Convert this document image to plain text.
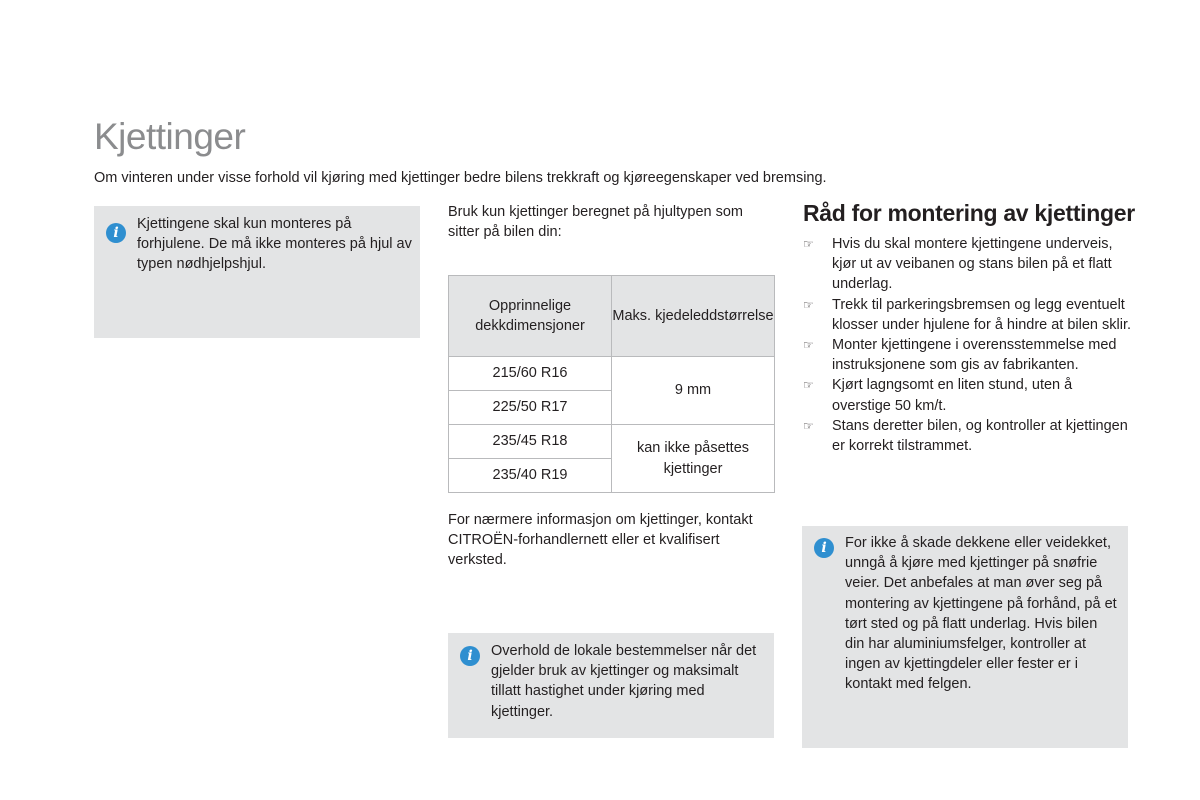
Kjettinger
Om vinteren under visse forhold vil kjøring med kjettinger bedre bilens trekkraft og kjøreegenskaper ved bremsing.
i
Kjettingene skal kun monteres på forhjulene. De må ikke monteres på hjul av typen nødhjelpshjul.
Bruk kun kjettinger beregnet på hjultypen som sitter på bilen din:
Opprinnelige dekkdimensjoner	Maks. kjedeleddstørrelse
215/60 R16	9 mm
225/50 R17	
235/45 R18	kan ikke påsettes kjettinger
235/40 R19	
For nærmere informasjon om kjettinger, kontakt CITROËN-forhandlernett eller et kvalifisert verksted.
i	Overhold de lokale bestemmelser når det gjelder bruk av kjettinger og maksimalt tillatt hastighet under kjøring med kjettinger.
Råd for montering av kjettinger
☞ Hvis du skal montere kjettingene underveis, kjør ut av veibanen og stans bilen på et flatt underlag.
☞ Trekk til parkeringsbremsen og legg eventuelt klosser under hjulene for å hindre at bilen sklir.
☞ Monter kjettingene i overensstemmelse med instruksjonene som gis av fabrikanten.
☞ Kjørt lagngsomt en liten stund, uten å overstige 50 km/t.
☞ Stans deretter bilen, og kontroller at kjettingen er korrekt tilstrammet.
i	For ikke å skade dekkene eller veidekket, unngå å kjøre med kjettinger på snøfrie veier. Det anbefales at man øver seg på montering av kjettingene på forhånd, på et tørt sted og på flatt underlag. Hvis bilen din har aluminiumsfelger, kontroller at ingen av kjettingdeler eller fester er i kontakt med felgen.
